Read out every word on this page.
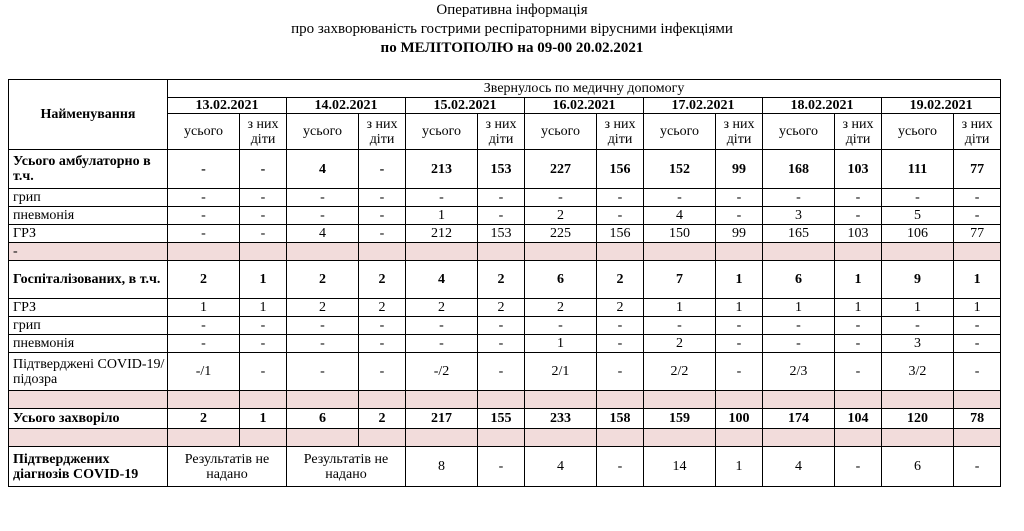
Оперативна інформація
про захворюваність гострими респіраторними вірусними інфекціями
по МЕЛІТОПОЛЮ на 09-00 20.02.2021
Найменування	Звернулось по медичну допомогу													
	13.02.2021		14.02.2021		15.02.2021		16.02.2021		17.02.2021		18.02.2021		19.02.2021	
	усього	з них діти	усього	з них діти	усього	з них діти	усього	з них діти	усього	з них діти	усього	з них діти	усього	з них діти
Усього амбулаторно в т.ч.	-	-	4	-	213	153	227	156	152	99	168	103	111	77
грип	-	-	-	-	-	-	-	-	-	-	-	-	-	-
пневмонія	-	-	-	-	1	-	2	-	4	-	3	-	5	-
ГРЗ	-	-	4	-	212	153	225	156	150	99	165	103	106	77
-														
Госпіталізованих, в т.ч.	2	1	2	2	4	2	6	2	7	1	6	1	9	1
ГРЗ	1	1	2	2	2	2	2	2	1	1	1	1	1	1
грип	-	-	-	-	-	-	-	-	-	-	-	-	-	-
пневмонія	-	-	-	-	-	-	1	-	2	-	-	-	3	-
Підтверджені COVID-19/підозра	-/1	-	-	-	-/2	-	2/1	-	2/2	-	2/3	-	3/2	-

Усього захворіло	2	1	6	2	217	155	233	158	159	100	174	104	120	78

Підтверджених діагнозів COVID-19	Результатів не надано		Результатів не надано		8	-	4	-	14	1	4	-	6	-
